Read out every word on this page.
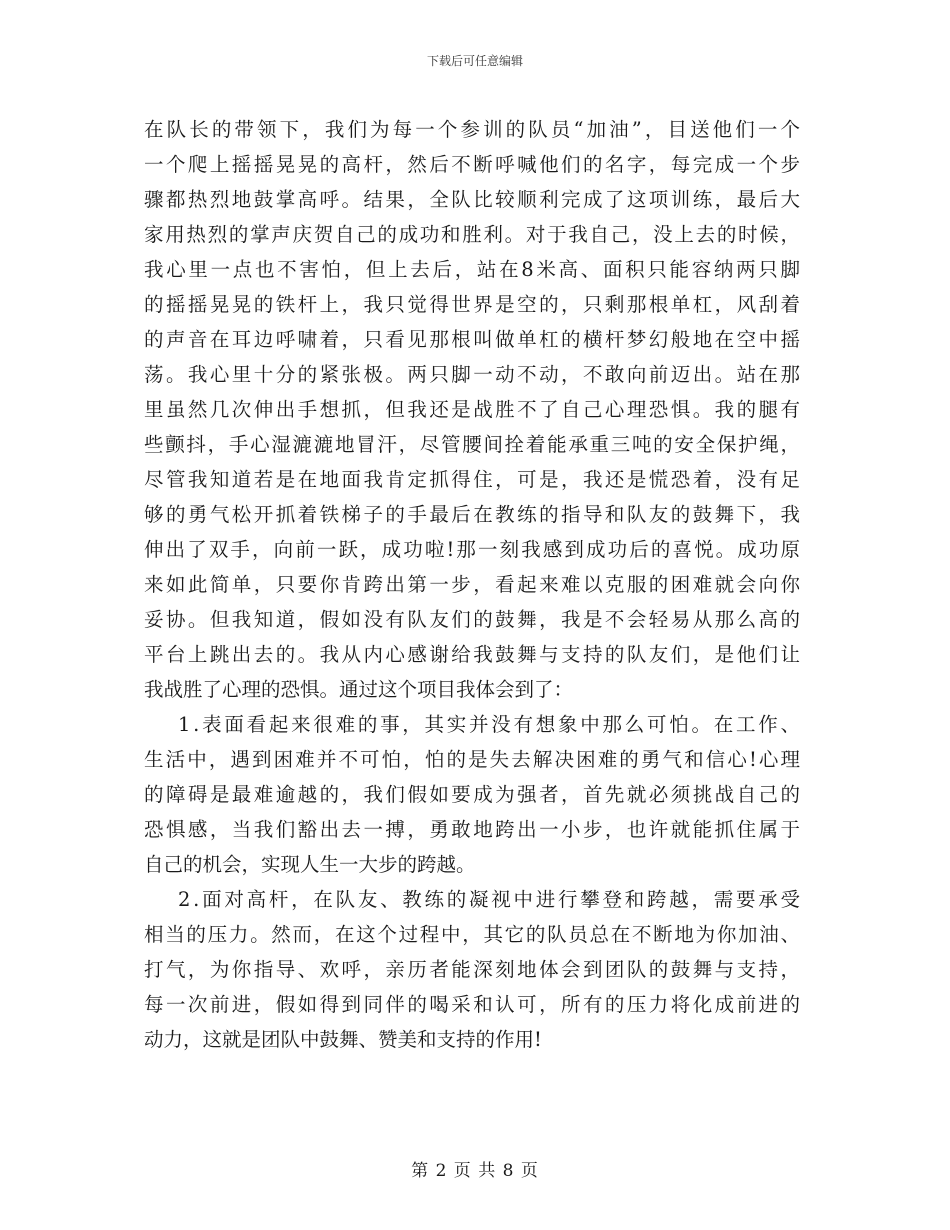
下载后可任意编辑
在队长的带领下，我们为每一个参训的队员“加油”，目送他们一个
一个爬上摇摇晃晃的高杆，然后不断呼喊他们的名字，每完成一个步
骤都热烈地鼓掌高呼。结果，全队比较顺利完成了这项训练，最后大
家用热烈的掌声庆贺自己的成功和胜利。对于我自己，没上去的时候，
我心里一点也不害怕，但上去后，站在8米高、面积只能容纳两只脚
的摇摇晃晃的铁杆上，我只觉得世界是空的，只剩那根单杠，风刮着
的声音在耳边呼啸着，只看见那根叫做单杠的横杆梦幻般地在空中摇
荡。我心里十分的紧张极。两只脚一动不动，不敢向前迈出。站在那
里虽然几次伸出手想抓，但我还是战胜不了自己心理恐惧。我的腿有
些颤抖，手心湿漉漉地冒汗，尽管腰间拴着能承重三吨的安全保护绳，
尽管我知道若是在地面我肯定抓得住，可是，我还是慌恐着，没有足
够的勇气松开抓着铁梯子的手最后在教练的指导和队友的鼓舞下，我
伸出了双手，向前一跃，成功啦!那一刻我感到成功后的喜悦。成功原
来如此简单，只要你肯跨出第一步，看起来难以克服的困难就会向你
妥协。但我知道，假如没有队友们的鼓舞，我是不会轻易从那么高的
平台上跳出去的。我从内心感谢给我鼓舞与支持的队友们，是他们让
我战胜了心理的恐惧。通过这个项目我体会到了：
1.表面看起来很难的事，其实并没有想象中那么可怕。在工作、
生活中，遇到困难并不可怕，怕的是失去解决困难的勇气和信心!心理
的障碍是最难逾越的，我们假如要成为强者，首先就必须挑战自己的
恐惧感，当我们豁出去一搏，勇敢地跨出一小步，也许就能抓住属于
自己的机会，实现人生一大步的跨越。
2.面对高杆，在队友、教练的凝视中进行攀登和跨越，需要承受
相当的压力。然而，在这个过程中，其它的队员总在不断地为你加油、
打气，为你指导、欢呼，亲历者能深刻地体会到团队的鼓舞与支持，
每一次前进，假如得到同伴的喝采和认可，所有的压力将化成前进的
动力，这就是团队中鼓舞、赞美和支持的作用!
第 2 页 共 8 页
